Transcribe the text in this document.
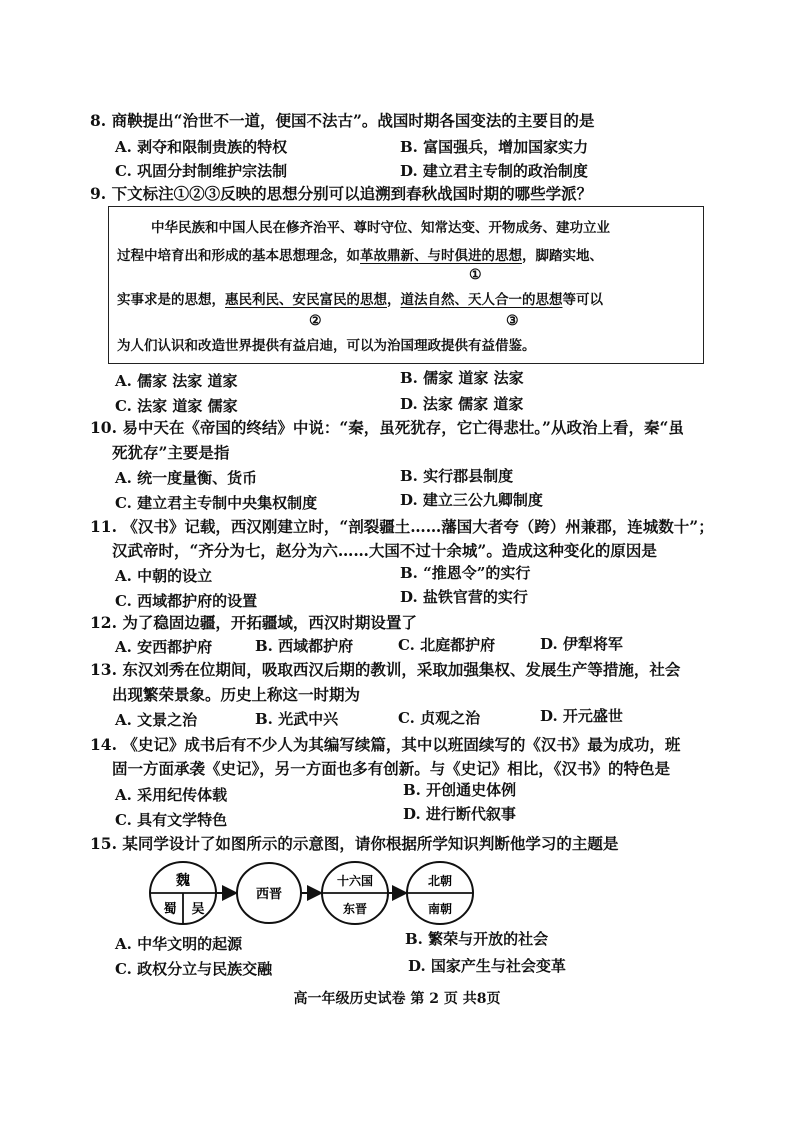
8. 商鞅提出“治世不一道，便国不法古”。战国时期各国变法的主要目的是
A. 剥夺和限制贵族的特权	B. 富国强兵，增加国家实力
C. 巩固分封制维护宗法制	D. 建立君主专制的政治制度
9. 下文标注①②③反映的思想分别可以追溯到春秋战国时期的哪些学派？
中华民族和中国人民在修齐治平、尊时守位、知常达变、开物成务、建功立业
过程中培育出和形成的基本思想理念，如革故鼎新、与时俱进的思想，脚踏实地、
①
实事求是的思想，惠民利民、安民富民的思想，道法自然、天人合一的思想等可以
②	③
为人们认识和改造世界提供有益启迪，可以为治国理政提供有益借鉴。
A. 儒家 法家 道家	B. 儒家 道家 法家
C. 法家 道家 儒家	D. 法家 儒家 道家
10. 易中天在《帝国的终结》中说：“秦，虽死犹存，它亡得悲壮。”从政治上看，秦“虽
死犹存”主要是指
A. 统一度量衡、货币	B. 实行郡县制度
C. 建立君主专制中央集权制度	D. 建立三公九卿制度
11. 《汉书》记载，西汉刚建立时，“剖裂疆土……藩国大者夸（跨）州兼郡，连城数十”；
汉武帝时，“齐分为七，赵分为六……大国不过十余城”。造成这种变化的原因是
A. 中朝的设立	B. “推恩令”的实行
C. 西域都护府的设置	D. 盐铁官营的实行
12. 为了稳固边疆，开拓疆域，西汉时期设置了
A. 安西都护府	B. 西域都护府	C. 北庭都护府	D. 伊犁将军
13. 东汉刘秀在位期间，吸取西汉后期的教训，采取加强集权、发展生产等措施，社会
出现繁荣景象。历史上称这一时期为
A. 文景之治	B. 光武中兴	C. 贞观之治	D. 开元盛世
14. 《史记》成书后有不少人为其编写续篇，其中以班固续写的《汉书》最为成功，班
固一方面承袭《史记》，另一方面也多有创新。与《史记》相比，《汉书》的特色是
A. 采用纪传体载	B. 开创通史体例
C. 具有文学特色	D. 进行断代叙事
15. 某同学设计了如图所示的示意图，请你根据所学知识判断他学习的主题是
魏
蜀 吴
西晋
十六国
东晋
北朝
南朝
A. 中华文明的起源	B. 繁荣与开放的社会
C. 政权分立与民族交融	D. 国家产生与社会变革
高一年级历史试卷 第 2 页 共8页
